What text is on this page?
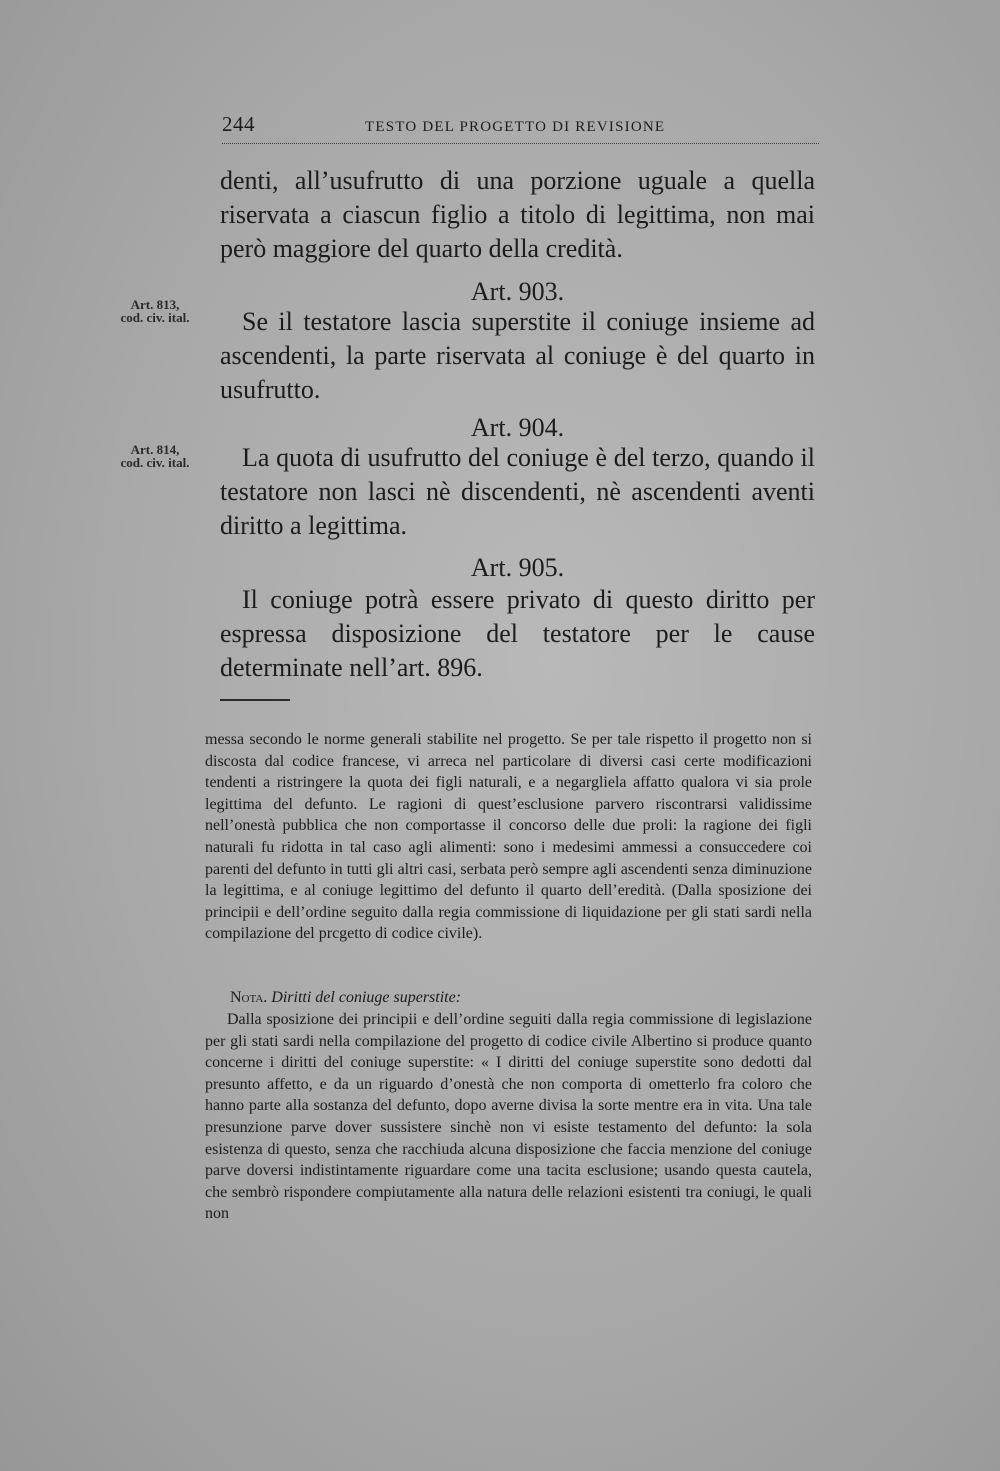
244	TESTO DEL PROGETTO DI REVISIONE

denti, all’usufrutto di una porzione uguale a quella riservata a ciascun figlio a titolo di legittima, non mai però maggiore del quarto della credità.

Art. 903.

Art. 813,
cod. civ. ital.	Se il testatore lascia superstite il coniuge insieme ad ascendenti, la parte riservata al coniuge è del quarto in usufrutto.

Art. 904.

Art. 814,
cod. civ. ital.	La quota di usufrutto del coniuge è del terzo, quando il testatore non lasci nè discendenti, nè ascendenti aventi diritto a legittima.

Art. 905.

Il coniuge potrà essere privato di questo diritto per espressa disposizione del testatore per le cause determinate nell’art. 896.

messa secondo le norme generali stabilite nel progetto. Se per tale rispetto il progetto non si discosta dal codice francese, vi arreca nel particolare di diversi casi certe modificazioni tendenti a ristringere la quota dei figli naturali, e a negargliela affatto qualora vi sia prole legittima del defunto. Le ragioni di quest’esclusione parvero riscontrarsi validissime nell’onestà pubblica che non comportasse il concorso delle due proli: la ragione dei figli naturali fu ridotta in tal caso agli alimenti: sono i medesimi ammessi a consuccedere coi parenti del defunto in tutti gli altri casi, serbata però sempre agli ascendenti senza diminuzione la legittima, e al coniuge legittimo del defunto il quarto dell’eredità. (Dalla sposizione dei principii e dell’ordine seguito dalla regia commissione di liquidazione per gli stati sardi nella compilazione del prcgetto di codice civile).

Nota. Diritti del coniuge superstite:

Dalla sposizione dei principii e dell’ordine seguiti dalla regia commissione di legislazione per gli stati sardi nella compilazione del progetto di codice civile Albertino si produce quanto concerne i diritti del coniuge superstite: « I diritti del coniuge superstite sono dedotti dal presunto affetto, e da un riguardo d’onestà che non comporta di ometterlo fra coloro che hanno parte alla sostanza del defunto, dopo averne divisa la sorte mentre era in vita. Una tale presunzione parve dover sussistere sinchè non vi esiste testamento del defunto: la sola esistenza di questo, senza che racchiuda alcuna disposizione che faccia menzione del coniuge parve doversi indistintamente riguardare come una tacita esclusione; usando questa cautela, che sembrò rispondere compiutamente alla natura delle relazioni esistenti tra coniugi, le quali non
